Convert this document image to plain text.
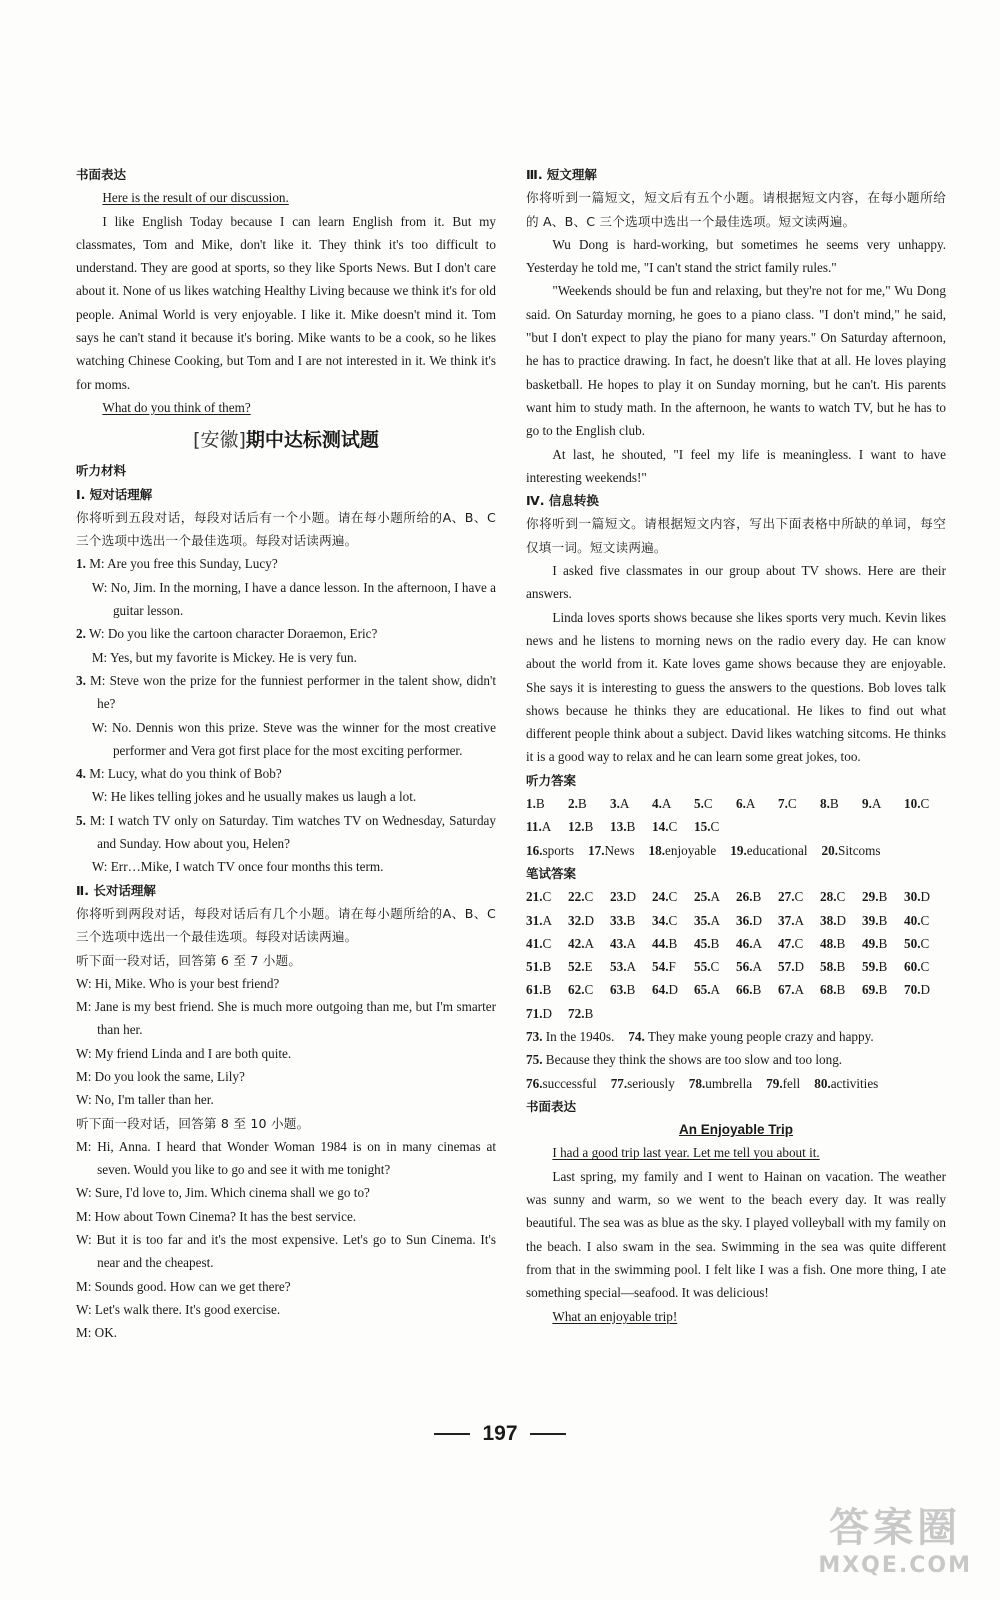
书面表达

Here is the result of our discussion.

I like English Today because I can learn English from it. But my classmates, Tom and Mike, don't like it. They think it's too difficult to understand. They are good at sports, so they like Sports News. But I don't care about it. None of us likes watching Healthy Living because we think it's for old people. Animal World is very enjoyable. I like it. Mike doesn't mind it. Tom says he can't stand it because it's boring. Mike wants to be a cook, so he likes watching Chinese Cooking, but Tom and I are not interested in it. We think it's for moms.

What do you think of them?

[安徽]期中达标测试题
听力材料
Ⅰ. 短对话理解

你将听到五段对话，每段对话后有一个小题。请在每小题所给的A、B、C 三个选项中选出一个最佳选项。每段对话读两遍。

1. M: Are you free this Sunday, Lucy?

W: No, Jim. In the morning, I have a dance lesson. In the afternoon, I have a guitar lesson.

2. W: Do you like the cartoon character Doraemon, Eric?

M: Yes, but my favorite is Mickey. He is very fun.

3. M: Steve won the prize for the funniest performer in the talent show, didn't he?

W: No. Dennis won this prize. Steve was the winner for the most creative performer and Vera got first place for the most exciting performer.

4. M: Lucy, what do you think of Bob?

W: He likes telling jokes and he usually makes us laugh a lot.

5. M: I watch TV only on Saturday. Tim watches TV on Wednesday, Saturday and Sunday. How about you, Helen?

W: Err…Mike, I watch TV once four months this term.

Ⅱ. 长对话理解

你将听到两段对话，每段对话后有几个小题。请在每小题所给的A、B、C 三个选项中选出一个最佳选项。每段对话读两遍。

听下面一段对话，回答第 6 至 7 小题。

W: Hi, Mike. Who is your best friend?

M: Jane is my best friend. She is much more outgoing than me, but I'm smarter than her.

W: My friend Linda and I are both quite.

M: Do you look the same, Lily?

W: No, I'm taller than her.

听下面一段对话，回答第 8 至 10 小题。

M: Hi, Anna. I heard that Wonder Woman 1984 is on in many cinemas at seven. Would you like to go and see it with me tonight?

W: Sure, I'd love to, Jim. Which cinema shall we go to?

M: How about Town Cinema? It has the best service.

W: But it is too far and it's the most expensive. Let's go to Sun Cinema. It's near and the cheapest.

M: Sounds good. How can we get there?

W: Let's walk there. It's good exercise.

M: OK.

Ⅲ. 短文理解

你将听到一篇短文，短文后有五个小题。请根据短文内容，在每小题所给的 A、B、C 三个选项中选出一个最佳选项。短文读两遍。

Wu Dong is hard-working, but sometimes he seems very unhappy. Yesterday he told me, "I can't stand the strict family rules."

"Weekends should be fun and relaxing, but they're not for me," Wu Dong said. On Saturday morning, he goes to a piano class. "I don't mind," he said, "but I don't expect to play the piano for many years." On Saturday afternoon, he has to practice drawing. In fact, he doesn't like that at all. He loves playing basketball. He hopes to play it on Sunday morning, but he can't. His parents want him to study math. In the afternoon, he wants to watch TV, but he has to go to the English club.

At last, he shouted, "I feel my life is meaningless. I want to have interesting weekends!"

Ⅳ. 信息转换

你将听到一篇短文。请根据短文内容，写出下面表格中所缺的单词，每空仅填一词。短文读两遍。

I asked five classmates in our group about TV shows. Here are their answers.

Linda loves sports shows because she likes sports very much. Kevin likes news and he listens to morning news on the radio every day. He can know about the world from it. Kate loves game shows because they are enjoyable. She says it is interesting to guess the answers to the questions. Bob loves talk shows because he thinks they are educational. He likes to find out what different people think about a subject. David likes watching sitcoms. He thinks it is a good way to relax and he can learn some great jokes, too.

听力答案
1.B	2.B	3.A	4.A	5.C	6.A	7.C	8.B	9.A	10.C
11.A	12.B	13.B	14.C	15.C
16.sports 17.News 18.enjoyable 19.educational 20.Sitcoms
笔试答案
21.C	22.C	23.D	24.C	25.A	26.B	27.C	28.C	29.B	30.D
31.A	32.D	33.B	34.C	35.A	36.D	37.A	38.D	39.B	40.C
41.C	42.A	43.A	44.B	45.B	46.A	47.C	48.B	49.B	50.C
51.B	52.E	53.A	54.F	55.C	56.A	57.D	58.B	59.B	60.C
61.B	62.C	63.B	64.D	65.A	66.B	67.A	68.B	69.B	70.D
71.D	72.B
73. In the 1940s. 74. They make young people crazy and happy.75. Because they think the shows are too slow and too long.
76.successful 77.seriously 78.umbrella 79.fell 80.activities
书面表达
An Enjoyable Trip

I had a good trip last year. Let me tell you about it.

Last spring, my family and I went to Hainan on vacation. The weather was sunny and warm, so we went to the beach every day. It was really beautiful. The sea was as blue as the sky. I played volleyball with my family on the beach. I also swam in the sea. Swimming in the sea was quite different from that in the swimming pool. I felt like I was a fish. One more thing, I ate something special—seafood. It was delicious!

What an enjoyable trip!

197
答案圈
MXQE.COM
